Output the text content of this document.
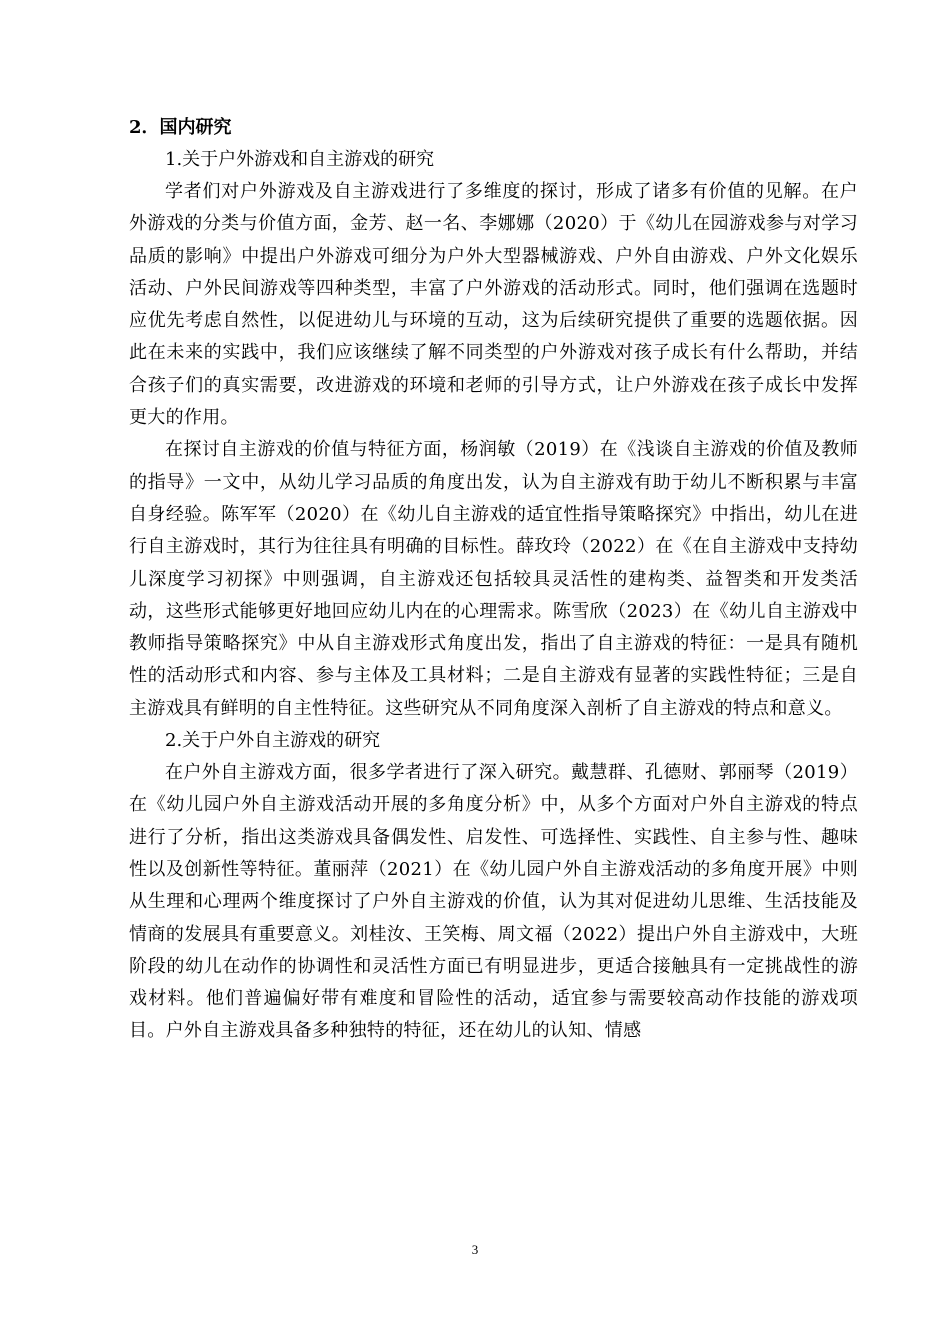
2．国内研究

1.关于户外游戏和自主游戏的研究

学者们对户外游戏及自主游戏进行了多维度的探讨，形成了诸多有价值的见解。在户外游戏的分类与价值方面，金芳、赵一名、李娜娜（2020）于《幼儿在园游戏参与对学习品质的影响》中提出户外游戏可细分为户外大型器械游戏、户外自由游戏、户外文化娱乐活动、户外民间游戏等四种类型，丰富了户外游戏的活动形式。同时，他们强调在选题时应优先考虑自然性，以促进幼儿与环境的互动，这为后续研究提供了重要的选题依据。因此在未来的实践中，我们应该继续了解不同类型的户外游戏对孩子成长有什么帮助，并结合孩子们的真实需要，改进游戏的环境和老师的引导方式，让户外游戏在孩子成长中发挥更大的作用。

在探讨自主游戏的价值与特征方面，杨润敏（2019）在《浅谈自主游戏的价值及教师的指导》一文中，从幼儿学习品质的角度出发，认为自主游戏有助于幼儿不断积累与丰富自身经验。陈军军（2020）在《幼儿自主游戏的适宜性指导策略探究》中指出，幼儿在进行自主游戏时，其行为往往具有明确的目标性。薛玫玲（2022）在《在自主游戏中支持幼儿深度学习初探》中则强调，自主游戏还包括较具灵活性的建构类、益智类和开发类活动，这些形式能够更好地回应幼儿内在的心理需求。陈雪欣（2023）在《幼儿自主游戏中教师指导策略探究》中从自主游戏形式角度出发，指出了自主游戏的特征：一是具有随机性的活动形式和内容、参与主体及工具材料；二是自主游戏有显著的实践性特征；三是自主游戏具有鲜明的自主性特征。这些研究从不同角度深入剖析了自主游戏的特点和意义。

2.关于户外自主游戏的研究

在户外自主游戏方面，很多学者进行了深入研究。戴慧群、孔德财、郭丽琴（2019）在《幼儿园户外自主游戏活动开展的多角度分析》中，从多个方面对户外自主游戏的特点进行了分析，指出这类游戏具备偶发性、启发性、可选择性、实践性、自主参与性、趣味性以及创新性等特征。董丽萍（2021）在《幼儿园户外自主游戏活动的多角度开展》中则从生理和心理两个维度探讨了户外自主游戏的价值，认为其对促进幼儿思维、生活技能及情商的发展具有重要意义。刘桂汝、王笑梅、周文福（2022）提出户外自主游戏中，大班阶段的幼儿在动作的协调性和灵活性方面已有明显进步，更适合接触具有一定挑战性的游戏材料。他们普遍偏好带有难度和冒险性的活动，适宜参与需要较高动作技能的游戏项目。户外自主游戏具备多种独特的特征，还在幼儿的认知、情感

3
